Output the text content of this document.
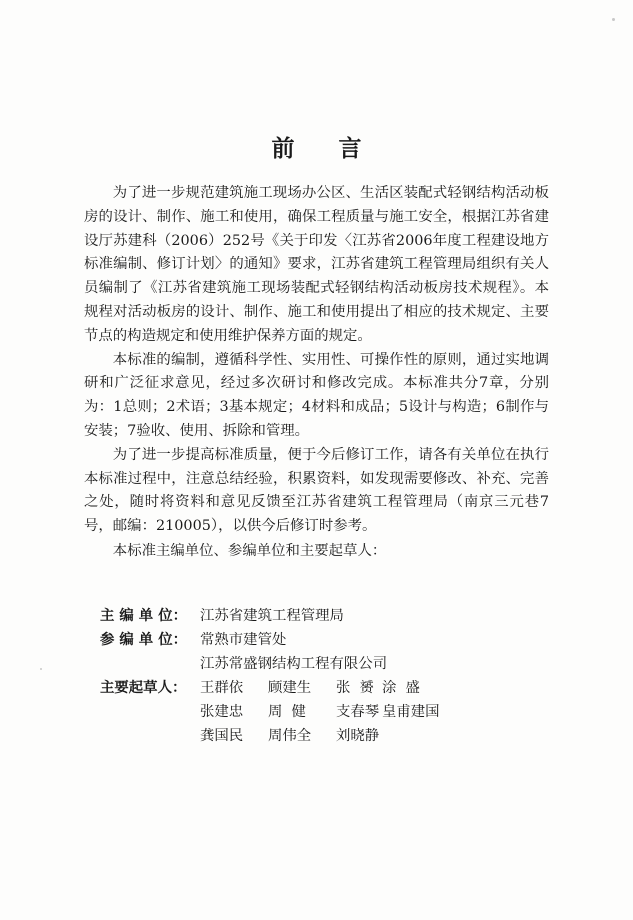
前 言

为了进一步规范建筑施工现场办公区、生活区装配式轻钢结构活动板房的设计、制作、施工和使用，确保工程质量与施工安全，根据江苏省建设厅苏建科（2006）252号《关于印发〈江苏省2006年度工程建设地方标准编制、修订计划〉的通知》要求，江苏省建筑工程管理局组织有关人员编制了《江苏省建筑施工现场装配式轻钢结构活动板房技术规程》。本规程对活动板房的设计、制作、施工和使用提出了相应的技术规定、主要节点的构造规定和使用维护保养方面的规定。

本标准的编制，遵循科学性、实用性、可操作性的原则，通过实地调研和广泛征求意见，经过多次研讨和修改完成。本标准共分7章，分别为：1总则；2术语；3基本规定；4材料和成品；5设计与构造；6制作与安装；7验收、使用、拆除和管理。

为了进一步提高标准质量，便于今后修订工作，请各有关单位在执行本标准过程中，注意总结经验，积累资料，如发现需要修改、补充、完善之处，随时将资料和意见反馈至江苏省建筑工程管理局（南京三元巷7号，邮编：210005），以供今后修订时参考。

本标准主编单位、参编单位和主要起草人：

主 编 单 位： 江苏省建筑工程管理局
参 编 单 位： 常熟市建管处
江苏常盛钢结构工程有限公司
主要起草人： 王群依	顾建生	张  赟 涂  盛
张建忠	周  健	支春琴 皇甫建国
龚国民	周伟全	刘晓静
